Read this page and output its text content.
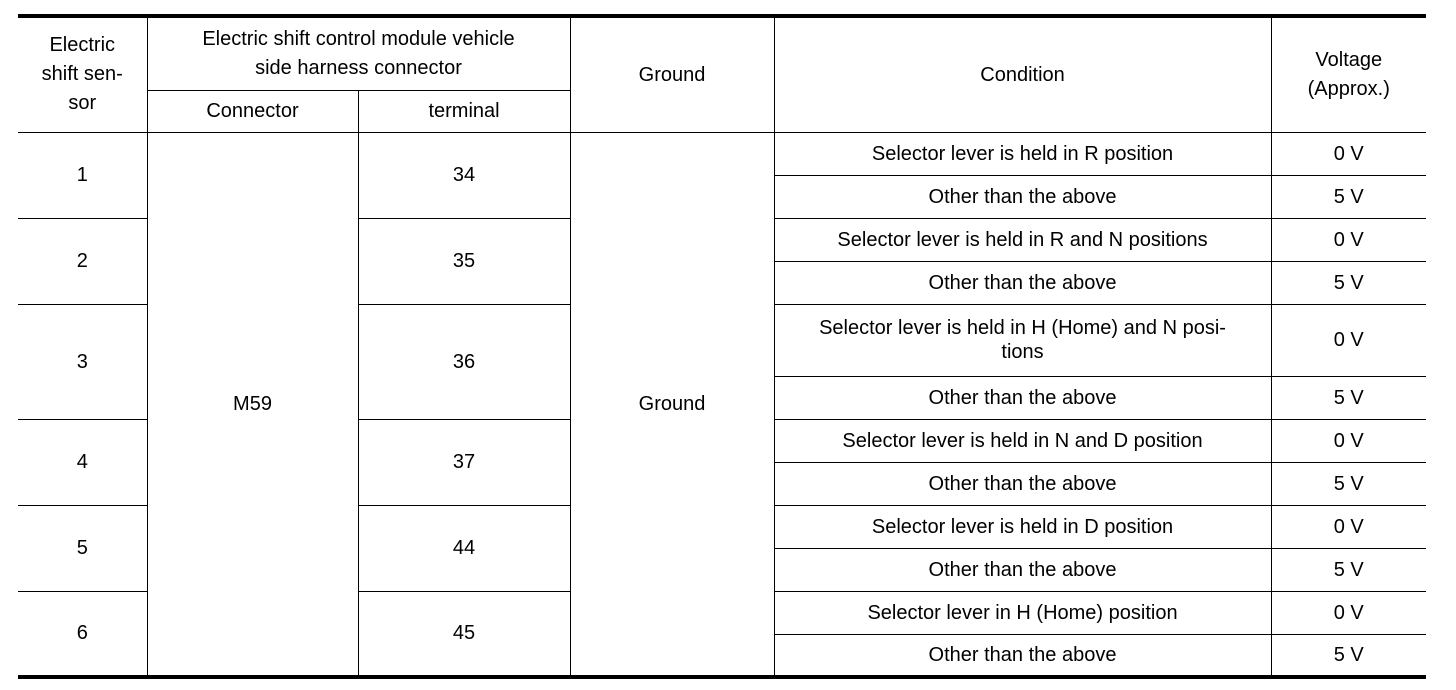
Electric
shift sen-
sor	Electric shift control module vehicle
side harness connector		Ground	Condition	Voltage
(Approx.)
	Connector	terminal			
1	M59	34	Ground	Selector lever is held in R position	0 V
				Other than the above	5 V
2		35		Selector lever is held in R and N positions	0 V
				Other than the above	5 V
3		36		Selector lever is held in H (Home) and N posi-
tions	0 V
				Other than the above	5 V
4		37		Selector lever is held in N and D position	0 V
				Other than the above	5 V
5		44		Selector lever is held in D position	0 V
				Other than the above	5 V
6		45		Selector lever in H (Home) position	0 V
				Other than the above	5 V
